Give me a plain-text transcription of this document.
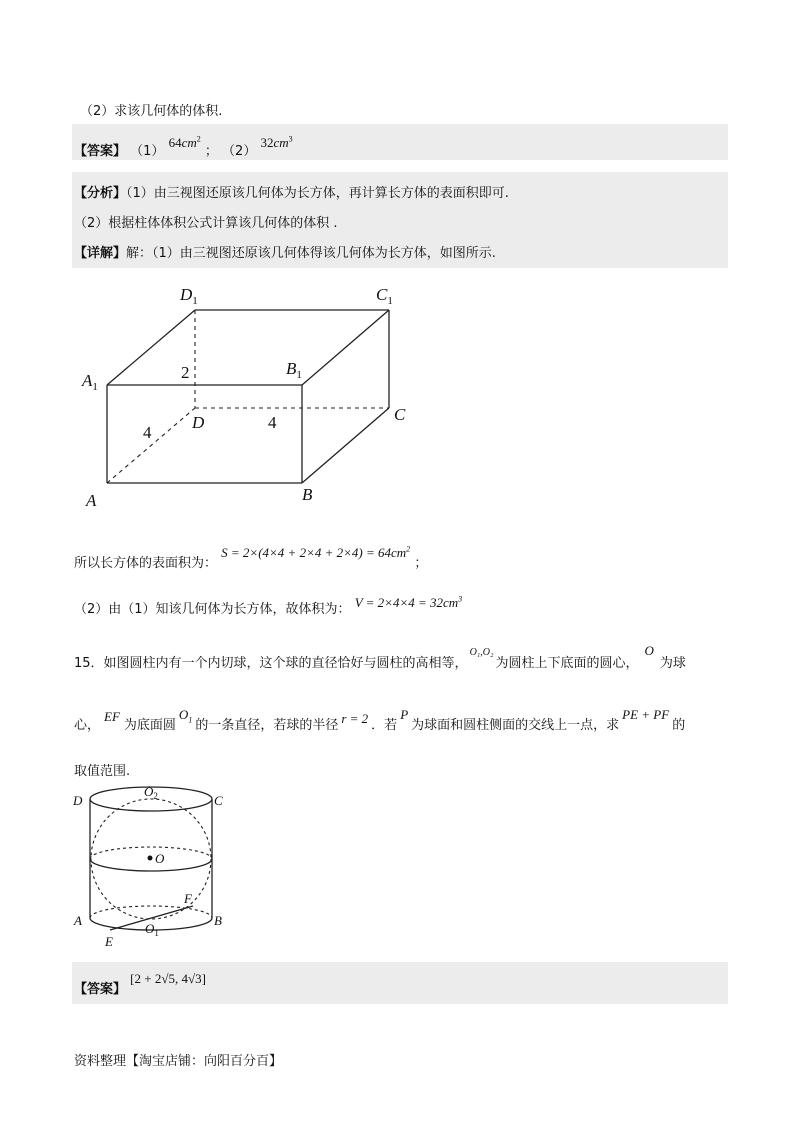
（2）求该几何体的体积.
【答案】 （1） $64cm^2$ ； （2） $32cm^3$
【分析】（1）由三视图还原该几何体为长方体，再计算长方体的表面积即可.
（2）根据柱体体积公式计算该几何体的体积 .
【详解】解：（1）由三视图还原该几何体得该几何体为长方体，如图所示.
$D_1$	$C_1$
$A_1$
$B_1$
D	C
A	B
2
4
4
所以长方体的表面积为： $S = 2\times(4\times 4 + 2\times 4 + 2\times 4) = 64cm^2$ ；
（2）由（1）知该几何体为长方体，故体积为： $V = 2\times 4\times 4 = 32cm^3$
15．如图圆柱内有一个内切球，这个球的直径恰好与圆柱的高相等，$^{O_1,O_2}$为圆柱上下底面的圆心，O为球
心，EF为底面圆$O_1$ 的一条直径，若球的半径 r = 2 ．若P为球面和圆柱侧面的交线上一点，求PE + PF的
取值范围.
D	C
A	B
E
F
O
$O_2$
$O_1$
【答案】 [2 + 2√5, 4√3]
资料整理【淘宝店铺：向阳百分百】
